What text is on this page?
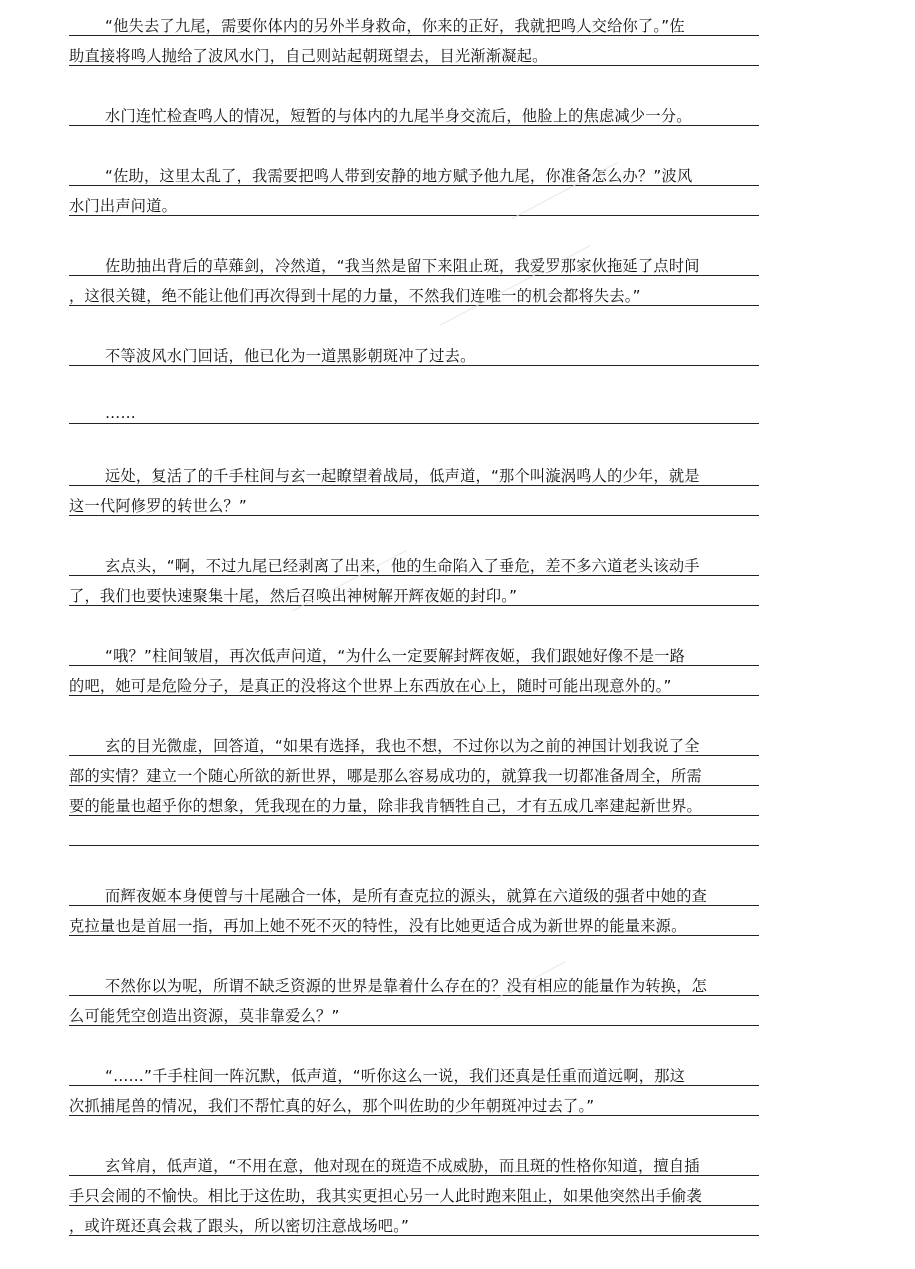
“他失去了九尾，需要你体内的另外半身救命，你来的正好，我就把鸣人交给你了。”佐
助直接将鸣人抛给了波风水门，自己则站起朝斑望去，目光渐渐凝起。
水门连忙检查鸣人的情况，短暂的与体内的九尾半身交流后，他脸上的焦虑减少一分。
“佐助，这里太乱了，我需要把鸣人带到安静的地方赋予他九尾，你准备怎么办？”波风
水门出声问道。
佐助抽出背后的草薙剑，冷然道，“我当然是留下来阻止斑，我爱罗那家伙拖延了点时间
，这很关键，绝不能让他们再次得到十尾的力量，不然我们连唯一的机会都将失去。”
不等波风水门回话，他已化为一道黑影朝斑冲了过去。
……
远处，复活了的千手柱间与玄一起瞭望着战局，低声道，“那个叫漩涡鸣人的少年，就是
这一代阿修罗的转世么？”
玄点头，“啊，不过九尾已经剥离了出来，他的生命陷入了垂危，差不多六道老头该动手
了，我们也要快速聚集十尾，然后召唤出神树解开辉夜姬的封印。”
“哦？”柱间皱眉，再次低声问道，“为什么一定要解封辉夜姬，我们跟她好像不是一路
的吧，她可是危险分子，是真正的没将这个世界上东西放在心上，随时可能出现意外的。”
玄的目光微虚，回答道，“如果有选择，我也不想，不过你以为之前的神国计划我说了全
部的实情？建立一个随心所欲的新世界，哪是那么容易成功的，就算我一切都准备周全，所需
要的能量也超乎你的想象，凭我现在的力量，除非我肯牺牲自己，才有五成几率建起新世界。
而辉夜姬本身便曾与十尾融合一体，是所有查克拉的源头，就算在六道级的强者中她的查
克拉量也是首屈一指，再加上她不死不灭的特性，没有比她更适合成为新世界的能量来源。
不然你以为呢，所谓不缺乏资源的世界是靠着什么存在的？没有相应的能量作为转换，怎
么可能凭空创造出资源，莫非靠爱么？”
“……”千手柱间一阵沉默，低声道，“听你这么一说，我们还真是任重而道远啊，那这
次抓捕尾兽的情况，我们不帮忙真的好么，那个叫佐助的少年朝斑冲过去了。”
玄耸肩，低声道，“不用在意，他对现在的斑造不成威胁，而且斑的性格你知道，擅自插
手只会闹的不愉快。相比于这佐助，我其实更担心另一人此时跑来阻止，如果他突然出手偷袭
，或许斑还真会栽了跟头，所以密切注意战场吧。”
